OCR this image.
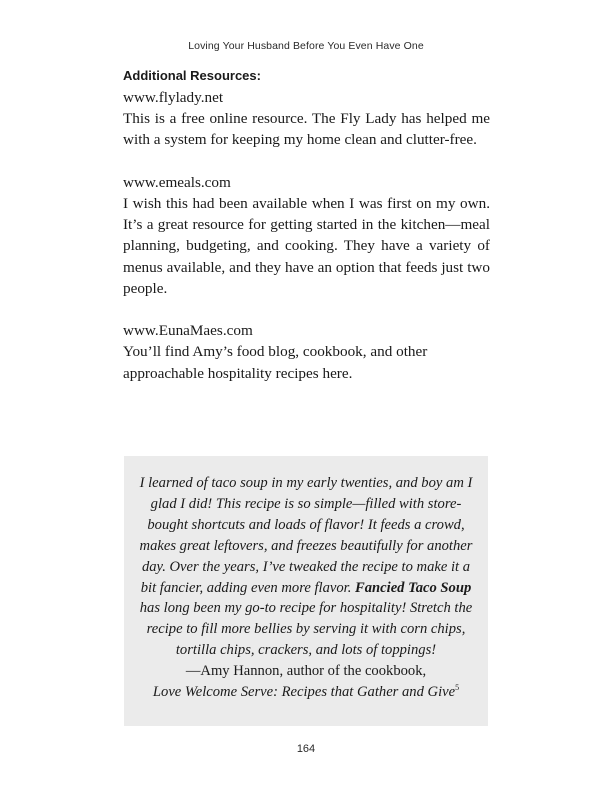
Loving Your Husband Before You Even Have One
Additional Resources:
www.flylady.net

This is a free online resource. The Fly Lady has helped me with a system for keeping my home clean and clutter-free.

www.emeals.com

I wish this had been available when I was first on my own. It’s a great resource for getting started in the kitchen—meal planning, budgeting, and cooking. They have a variety of menus available, and they have an option that feeds just two people.

www.EunaMaes.com

You’ll find Amy’s food blog, cookbook, and other approachable hospitality recipes here.

I learned of taco soup in my early twenties, and boy am I glad I did! This recipe is so simple—filled with store-bought shortcuts and loads of flavor! It feeds a crowd, makes great leftovers, and freezes beautifully for another day. Over the years, I’ve tweaked the recipe to make it a bit fancier, adding even more flavor. Fancied Taco Soup has long been my go-to recipe for hospitality! Stretch the recipe to fill more bellies by serving it with corn chips, tortilla chips, crackers, and lots of toppings!

—Amy Hannon, author of the cookbook,

Love Welcome Serve: Recipes that Gather and Give$^5$

164
